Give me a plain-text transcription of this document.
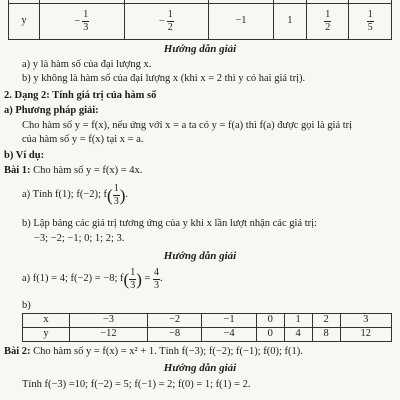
y	− $\frac{1}{3}$	− $\frac{1}{2}$	−1	1	$\frac{1}{2}$	$\frac{1}{5}$
Hướng dẫn giải
a) y là hàm số của đại lượng x.
b) y không là hàm số của đại lượng x (khi x = 2 thì y có hai giá trị).
2. Dạng 2: Tính giá trị của hàm số
a) Phương pháp giải:
Cho hàm số y = f(x), nếu ứng với x = a ta có y = f(a) thì f(a) được gọi là giá trị
của hàm số y = f(x) tại x = a.
b) Ví dụ:
Bài 1: Cho hàm số y = f(x) = 4x.
a) Tính f(1); f(−2); f ( $\frac{1}{3}$ ) .
b) Lập bảng các giá trị tương ứng của y khi x lần lượt nhận các giá trị:
−3; −2; −1; 0; 1; 2; 3.
Hướng dẫn giải
a) f(1) = 4; f(−2) = −8; f ( $\frac{1}{3}$ ) = $\frac{4}{3}$ .
b)
x	−3	−2	−1	0	1	2	3
y	−12	−8	−4	0	4	8	12
Bài 2: Cho hàm số y = f(x) = x² + 1. Tính f(−3); f(−2); f(−1); f(0); f(1).
Hướng dẫn giải
Tính f(−3) =10; f(−2) = 5; f(−1) = 2; f(0) = 1; f(1) = 2.
